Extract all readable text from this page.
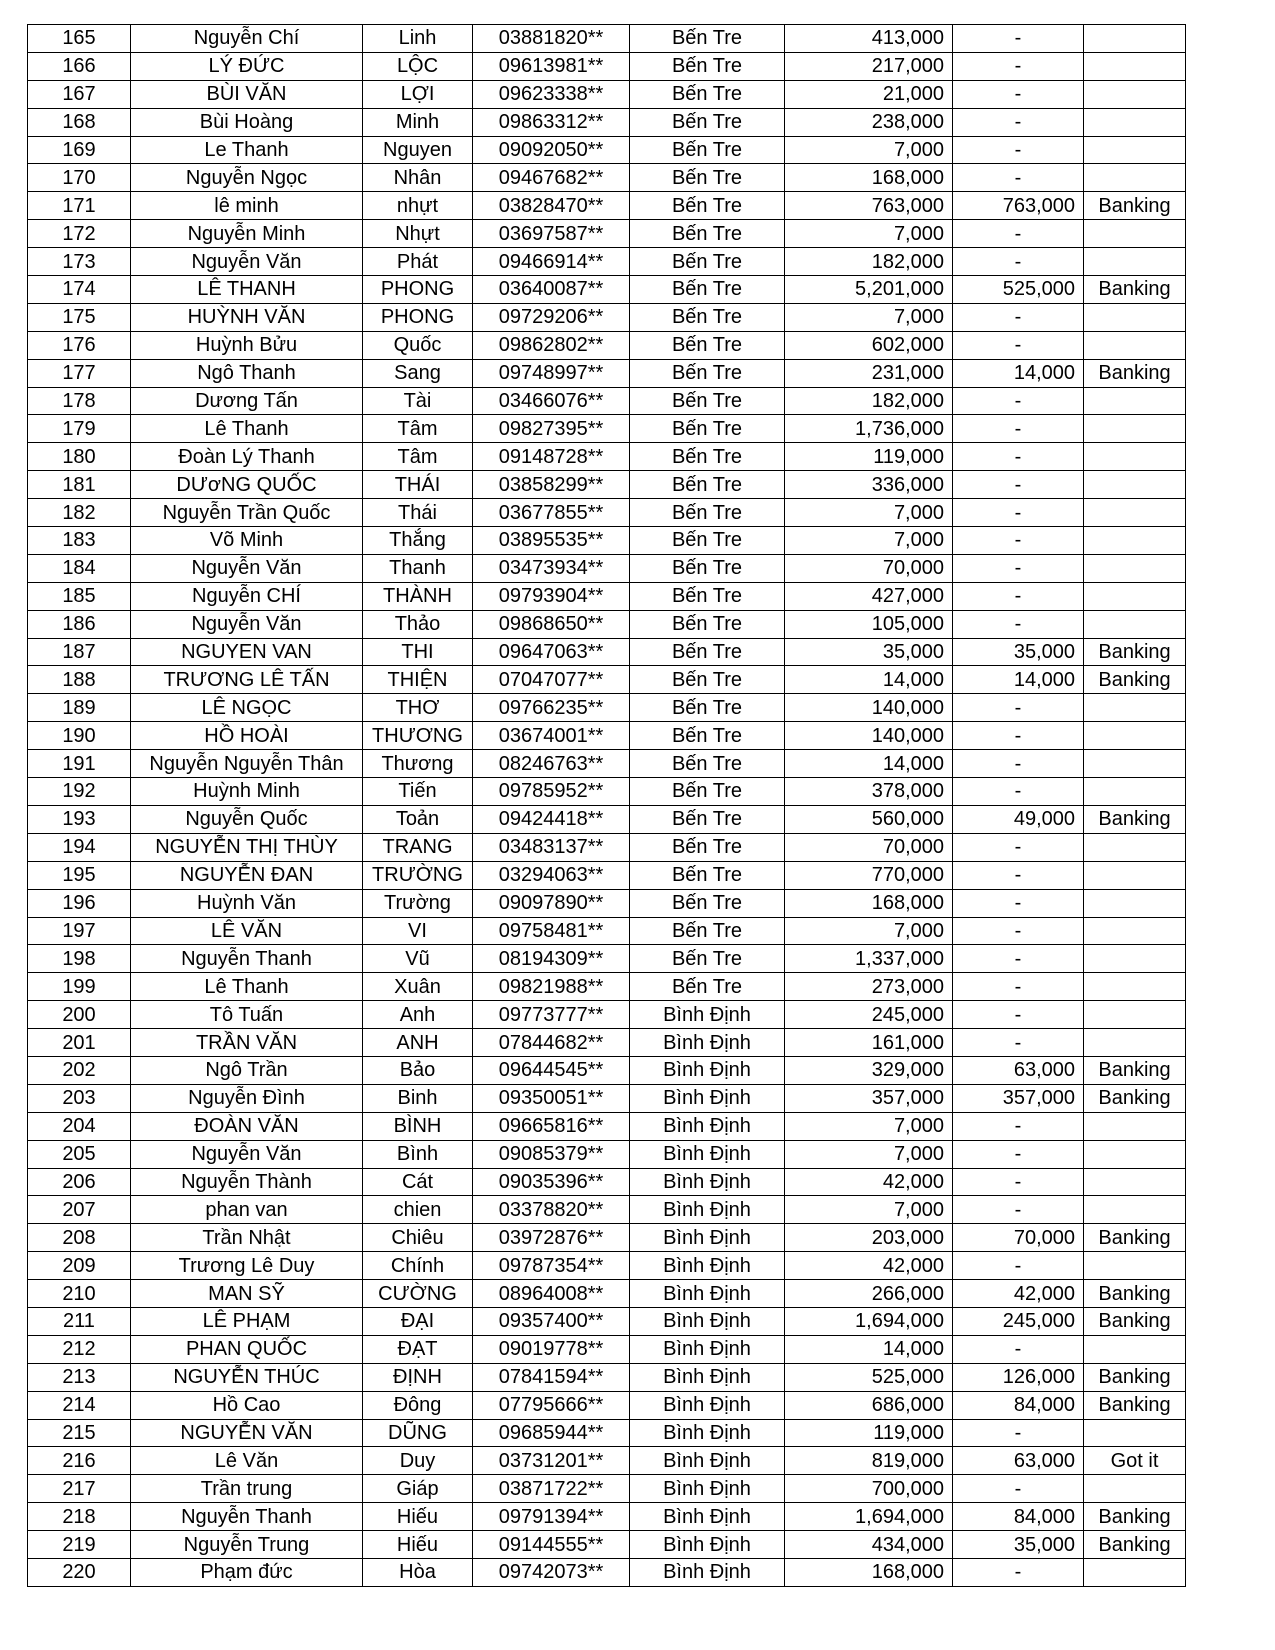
165	Nguyễn Chí	Linh	03881820**	Bến Tre	413,000	-	
166	LÝ ĐỨC	LỘC	09613981**	Bến Tre	217,000	-	
167	BÙI VĂN	LỢI	09623338**	Bến Tre	21,000	-	
168	Bùi Hoàng	Minh	09863312**	Bến Tre	238,000	-	
169	Le Thanh	Nguyen	09092050**	Bến Tre	7,000	-	
170	Nguyễn Ngọc	Nhân	09467682**	Bến Tre	168,000	-	
171	lê minh	nhựt	03828470**	Bến Tre	763,000	763,000	Banking
172	Nguyễn Minh	Nhựt	03697587**	Bến Tre	7,000	-	
173	Nguyễn Văn	Phát	09466914**	Bến Tre	182,000	-	
174	LÊ THANH	PHONG	03640087**	Bến Tre	5,201,000	525,000	Banking
175	HUỲNH VĂN	PHONG	09729206**	Bến Tre	7,000	-	
176	Huỳnh Bửu	Quốc	09862802**	Bến Tre	602,000	-	
177	Ngô Thanh	Sang	09748997**	Bến Tre	231,000	14,000	Banking
178	Dương Tấn	Tài	03466076**	Bến Tre	182,000	-	
179	Lê Thanh	Tâm	09827395**	Bến Tre	1,736,000	-	
180	Đoàn Lý Thanh	Tâm	09148728**	Bến Tre	119,000	-	
181	DƯơNG QUỐC	THÁI	03858299**	Bến Tre	336,000	-	
182	Nguyễn Trần Quốc	Thái	03677855**	Bến Tre	7,000	-	
183	Võ Minh	Thắng	03895535**	Bến Tre	7,000	-	
184	Nguyễn Văn	Thanh	03473934**	Bến Tre	70,000	-	
185	Nguyễn CHÍ	THÀNH	09793904**	Bến Tre	427,000	-	
186	Nguyễn Văn	Thảo	09868650**	Bến Tre	105,000	-	
187	NGUYEN VAN	THI	09647063**	Bến Tre	35,000	35,000	Banking
188	TRƯƠNG LÊ TẤN	THIỆN	07047077**	Bến Tre	14,000	14,000	Banking
189	LÊ NGỌC	THƠ	09766235**	Bến Tre	140,000	-	
190	HỒ HOÀI	THƯƠNG	03674001**	Bến Tre	140,000	-	
191	Nguyễn Nguyễn Thân	Thương	08246763**	Bến Tre	14,000	-	
192	Huỳnh Minh	Tiến	09785952**	Bến Tre	378,000	-	
193	Nguyễn Quốc	Toản	09424418**	Bến Tre	560,000	49,000	Banking
194	NGUYỄN THỊ THÙY	TRANG	03483137**	Bến Tre	70,000	-	
195	NGUYỄN ĐAN	TRƯỜNG	03294063**	Bến Tre	770,000	-	
196	Huỳnh Văn	Trường	09097890**	Bến Tre	168,000	-	
197	LÊ VĂN	VI	09758481**	Bến Tre	7,000	-	
198	Nguyễn Thanh	Vũ	08194309**	Bến Tre	1,337,000	-	
199	Lê Thanh	Xuân	09821988**	Bến Tre	273,000	-	
200	Tô Tuấn	Anh	09773777**	Bình Định	245,000	-	
201	TRẦN VĂN	ANH	07844682**	Bình Định	161,000	-	
202	Ngô Trần	Bảo	09644545**	Bình Định	329,000	63,000	Banking
203	Nguyễn Đình	Binh	09350051**	Bình Định	357,000	357,000	Banking
204	ĐOÀN VĂN	BÌNH	09665816**	Bình Định	7,000	-	
205	Nguyễn Văn	Bình	09085379**	Bình Định	7,000	-	
206	Nguyễn Thành	Cát	09035396**	Bình Định	42,000	-	
207	phan van	chien	03378820**	Bình Định	7,000	-	
208	Trần Nhật	Chiêu	03972876**	Bình Định	203,000	70,000	Banking
209	Trương Lê Duy	Chính	09787354**	Bình Định	42,000	-	
210	MAN SỸ	CƯỜNG	08964008**	Bình Định	266,000	42,000	Banking
211	LÊ PHẠM	ĐẠI	09357400**	Bình Định	1,694,000	245,000	Banking
212	PHAN QUỐC	ĐẠT	09019778**	Bình Định	14,000	-	
213	NGUYỄN THÚC	ĐỊNH	07841594**	Bình Định	525,000	126,000	Banking
214	Hồ Cao	Đông	07795666**	Bình Định	686,000	84,000	Banking
215	NGUYỄN VĂN	DŨNG	09685944**	Bình Định	119,000	-	
216	Lê Văn	Duy	03731201**	Bình Định	819,000	63,000	Got it
217	Trần trung	Giáp	03871722**	Bình Định	700,000	-	
218	Nguyễn Thanh	Hiếu	09791394**	Bình Định	1,694,000	84,000	Banking
219	Nguyễn Trung	Hiếu	09144555**	Bình Định	434,000	35,000	Banking
220	Phạm đức	Hòa	09742073**	Bình Định	168,000	-	
